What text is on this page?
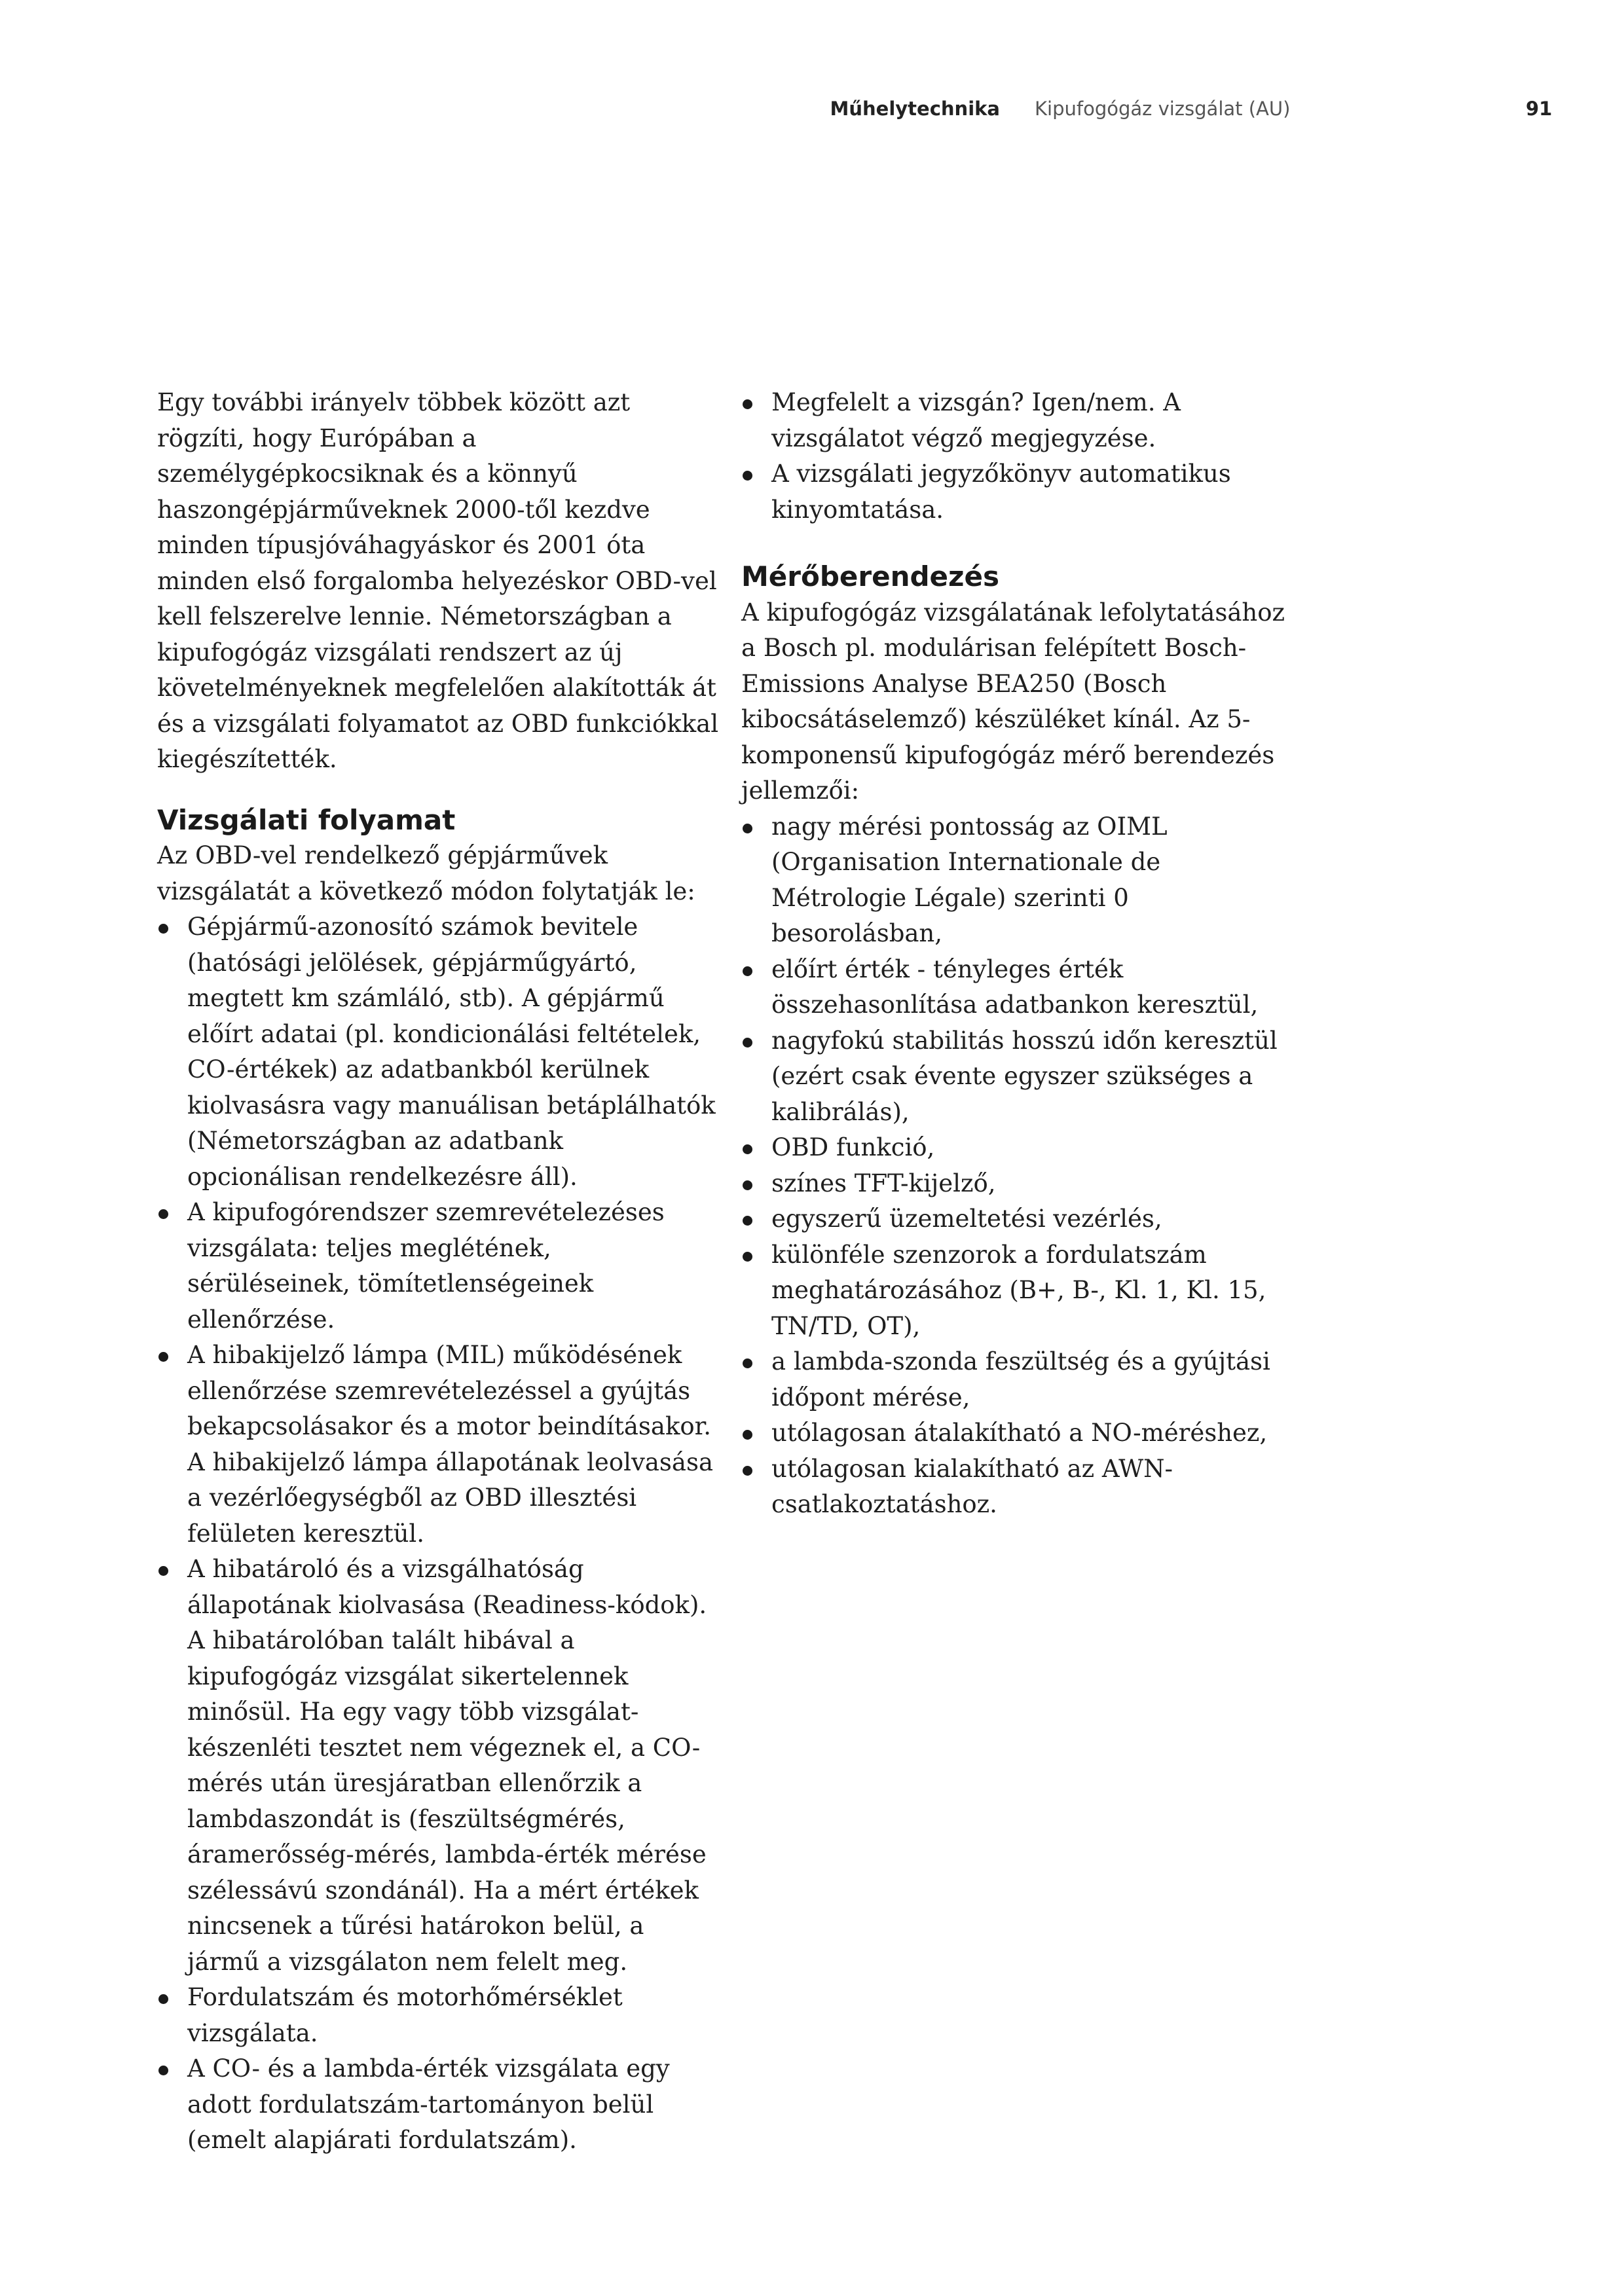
Műhelytechnika Kipufogógáz vizsgálat (AU)	91

Egy további irányelv többek között azt rögzíti, hogy Európában a személygépkocsiknak és a könnyű haszongépjárműveknek 2000-től kezdve minden típusjóváhagyáskor és 2001 óta minden első forgalomba helyezéskor OBD-vel kell felszerelve lennie. Németországban a kipufogógáz vizsgálati rendszert az új követelményeknek megfelelően alakították át és a vizsgálati folyamatot az OBD funkciókkal kiegészítették.

Vizsgálati folyamat

Az OBD-vel rendelkező gépjárművek vizsgálatát a következő módon folytatják le:

Gépjármű-azonosító számok bevitele (hatósági jelölések, gépjárműgyártó, megtett km számláló, stb). A gépjármű előírt adatai (pl. kondicionálási feltételek, CO-értékek) az adatbankból kerülnek kiolvasásra vagy manuálisan betáplálhatók (Németországban az adatbank opcionálisan rendelkezésre áll).
A kipufogórendszer szemrevételezéses vizsgálata: teljes meglétének, sérüléseinek, tömítetlenségeinek ellenőrzése.
A hibakijelző lámpa (MIL) működésének ellenőrzése szemrevételezéssel a gyújtás bekapcsolásakor és a motor beindításakor. A hibakijelző lámpa állapotának leolvasása a vezérlőegységből az OBD illesztési felületen keresztül.
A hibatároló és a vizsgálhatóság állapotának kiolvasása (Readiness-kódok). A hibatárolóban talált hibával a kipufogógáz vizsgálat sikertelennek minősül. Ha egy vagy több vizsgálat-készenléti tesztet nem végeznek el, a CO-mérés után üresjáratban ellenőrzik a lambdaszondát is (feszültségmérés, áramerősség-mérés, lambda-érték mérése szélessávú szondánál). Ha a mért értékek nincsenek a tűrési határokon belül, a jármű a vizsgálaton nem felelt meg.
Fordulatszám és motorhőmérséklet vizsgálata.
A CO- és a lambda-érték vizsgálata egy adott fordulatszám-tartományon belül (emelt alapjárati fordulatszám).
Megfelelt a vizsgán? Igen/nem. A vizsgálatot végző megjegyzése.
A vizsgálati jegyzőkönyv automatikus kinyomtatása.
Mérőberendezés

A kipufogógáz vizsgálatának lefolytatásához a Bosch pl. modulárisan felépített Bosch-Emissions Analyse BEA250 (Bosch kibocsátáselemző) készüléket kínál. Az 5-komponensű kipufogógáz mérő berendezés jellemzői:

nagy mérési pontosság az OIML (Organisation Internationale de Métrologie Légale) szerinti 0 besorolásban,
előírt érték - tényleges érték összehasonlítása adatbankon keresztül,
nagyfokú stabilitás hosszú időn keresztül (ezért csak évente egyszer szükséges a kalibrálás),
OBD funkció,
színes TFT-kijelző,
egyszerű üzemeltetési vezérlés,
különféle szenzorok a fordulatszám meghatározásához (B+, B-, Kl. 1, Kl. 15, TN/TD, OT),
a lambda-szonda feszültség és a gyújtási időpont mérése,
utólagosan átalakítható a NO-méréshez,
utólagosan kialakítható az AWN-csatlakoztatáshoz.
